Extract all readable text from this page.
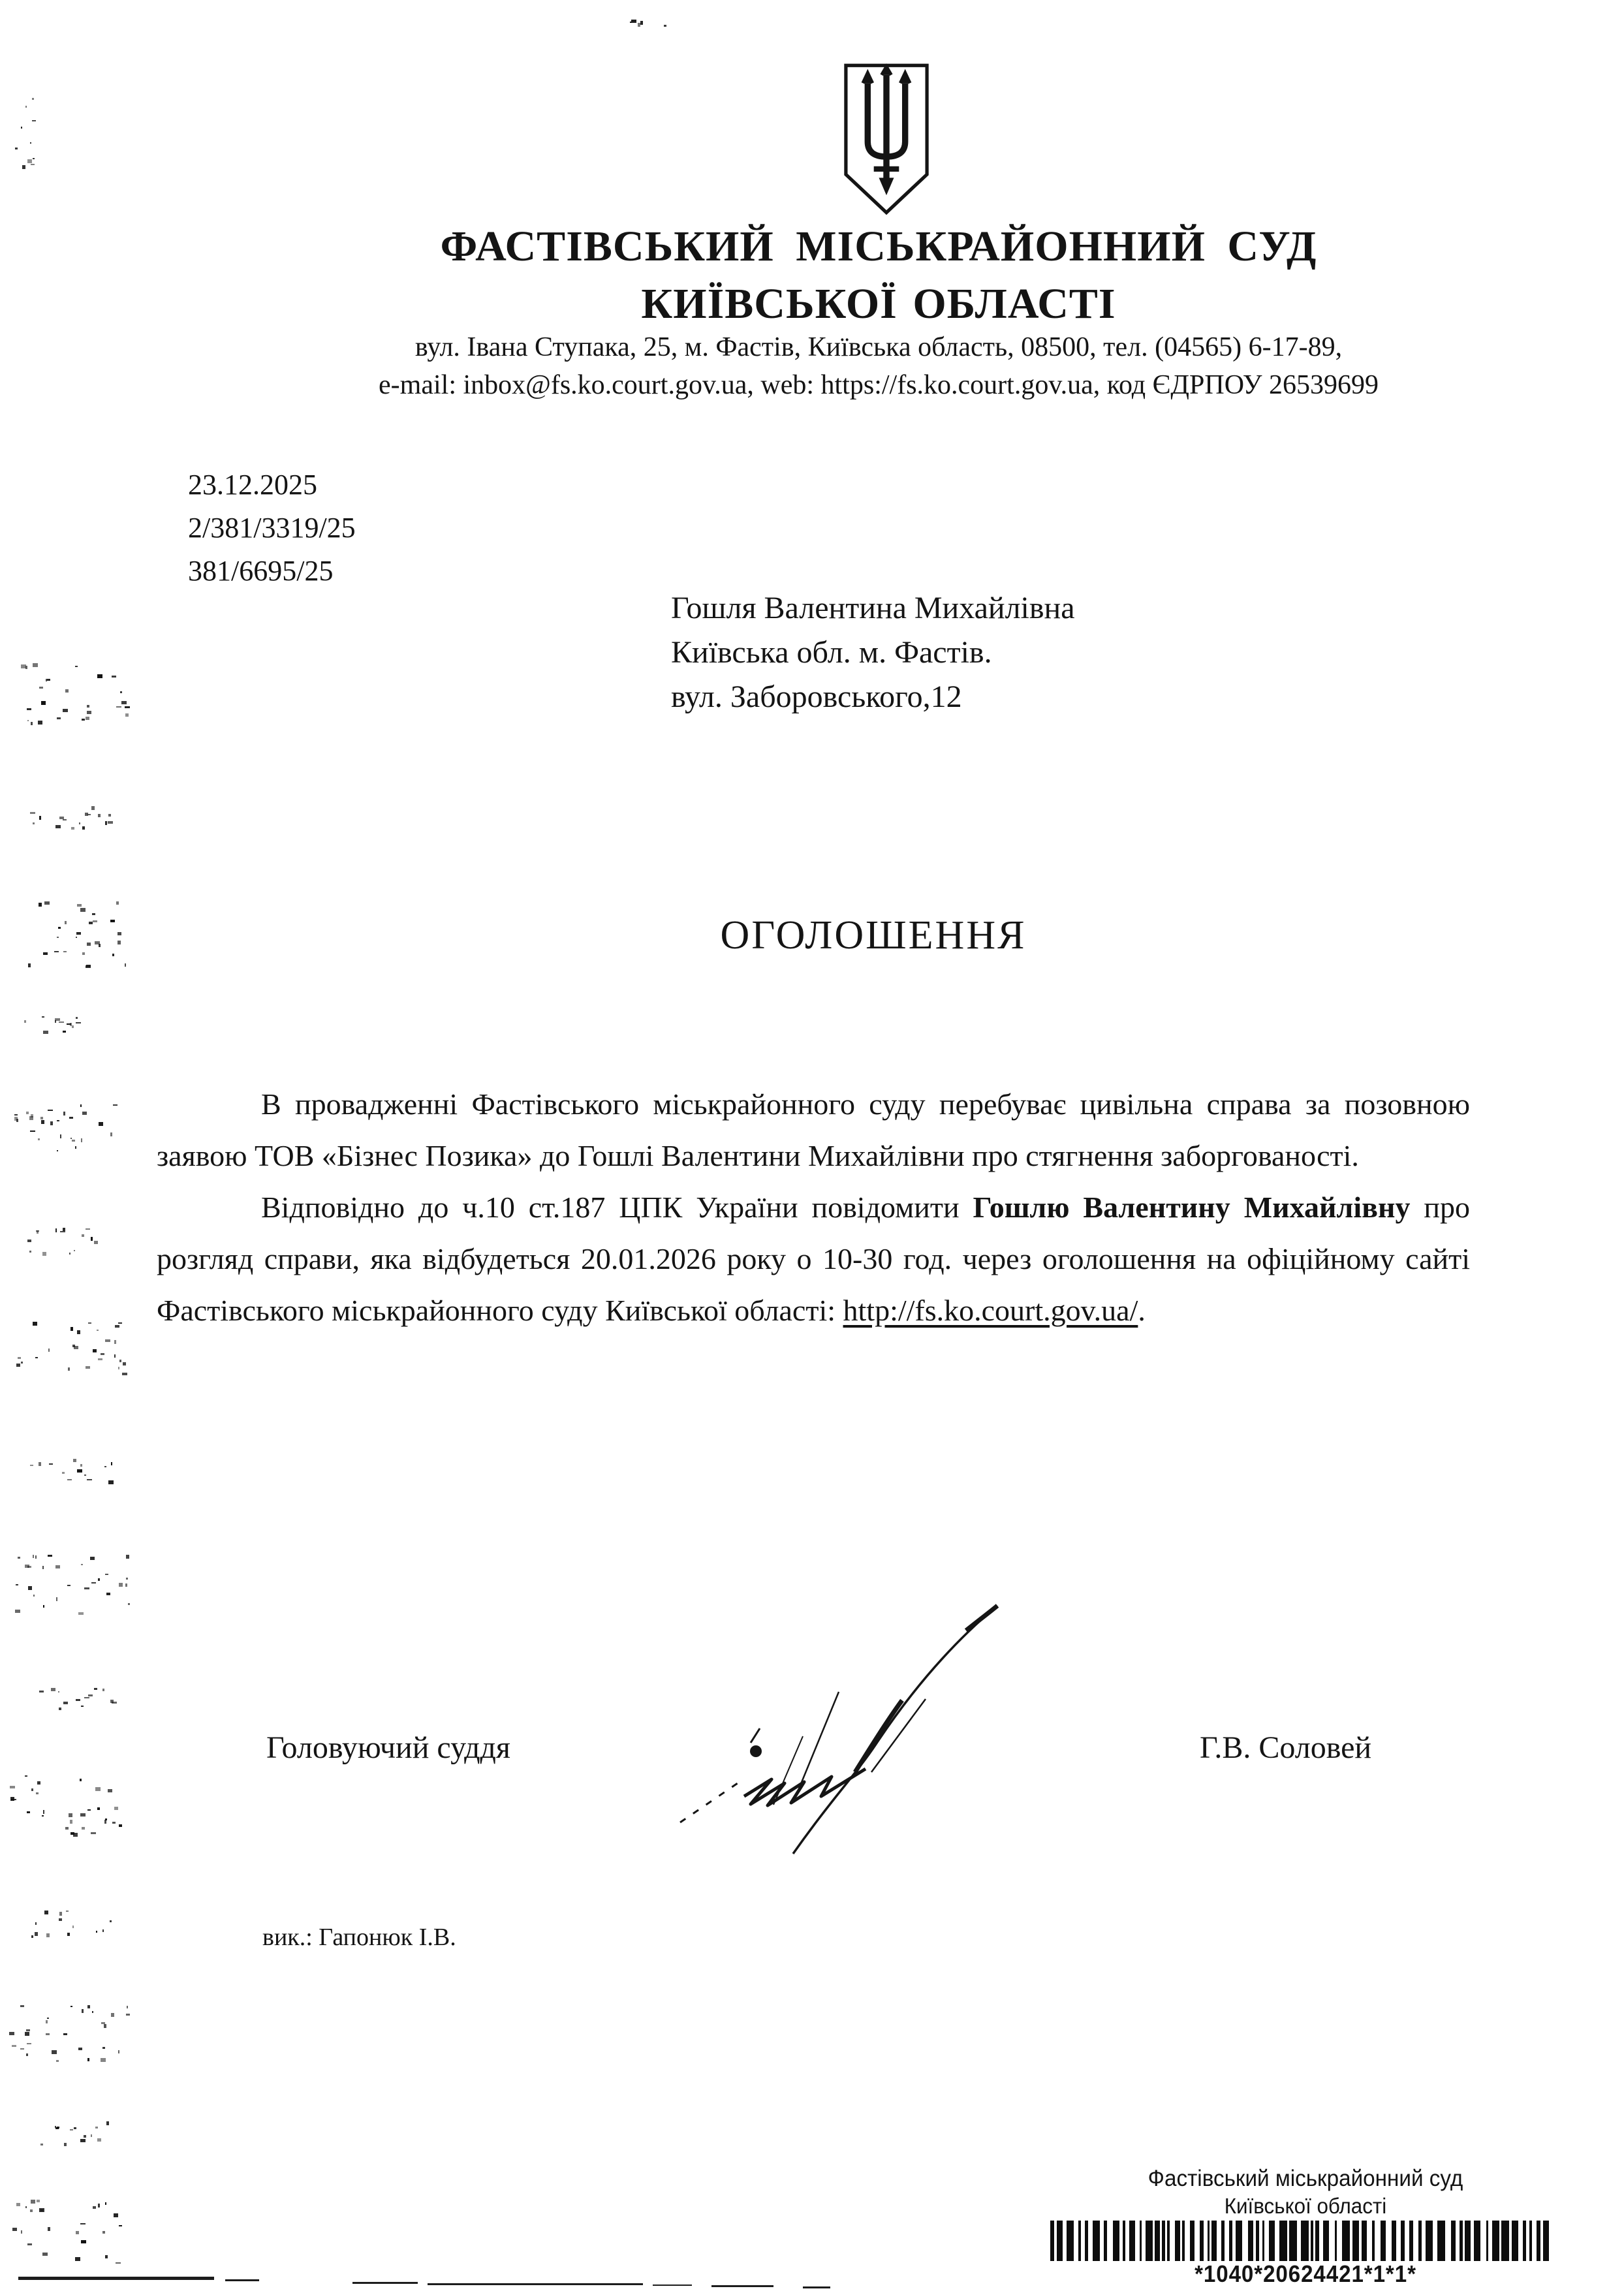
ФАСТІВСЬКИЙ МІСЬКРАЙОННИЙ СУД
КИЇВСЬКОЇ ОБЛАСТІ
вул. Івана Ступака, 25, м. Фастів, Київська область, 08500, тел. (04565) 6-17-89,
e-mail: inbox@fs.ko.court.gov.ua, web: https://fs.ko.court.gov.ua, код ЄДРПОУ 26539699
23.12.2025
2/381/3319/25
381/6695/25
Гошля Валентина Михайлівна
Київська обл. м. Фастів.
вул. Заборовського,12
ОГОЛОШЕННЯ

В провадженні Фастівського міськрайонного суду перебуває цивільна справа за позовною заявою ТОВ «Бізнес Позика» до Гошлі Валентини Михайлівни про стягнення заборгованості.

Відповідно до ч.10 ст.187 ЦПК України повідомити Гошлю Валентину Михайлівну про розгляд справи, яка відбудеться 20.01.2026 року о 10-30 год. через оголошення на офіційному сайті Фастівського міськрайонного суду Київської області: http://fs.ko.court.gov.ua/.

Головуючий суддя	Г.В. Соловей
вик.: Гапонюк І.В.
Фастівський міськрайонний суд
Київської області
*1040*20624421*1*1*
